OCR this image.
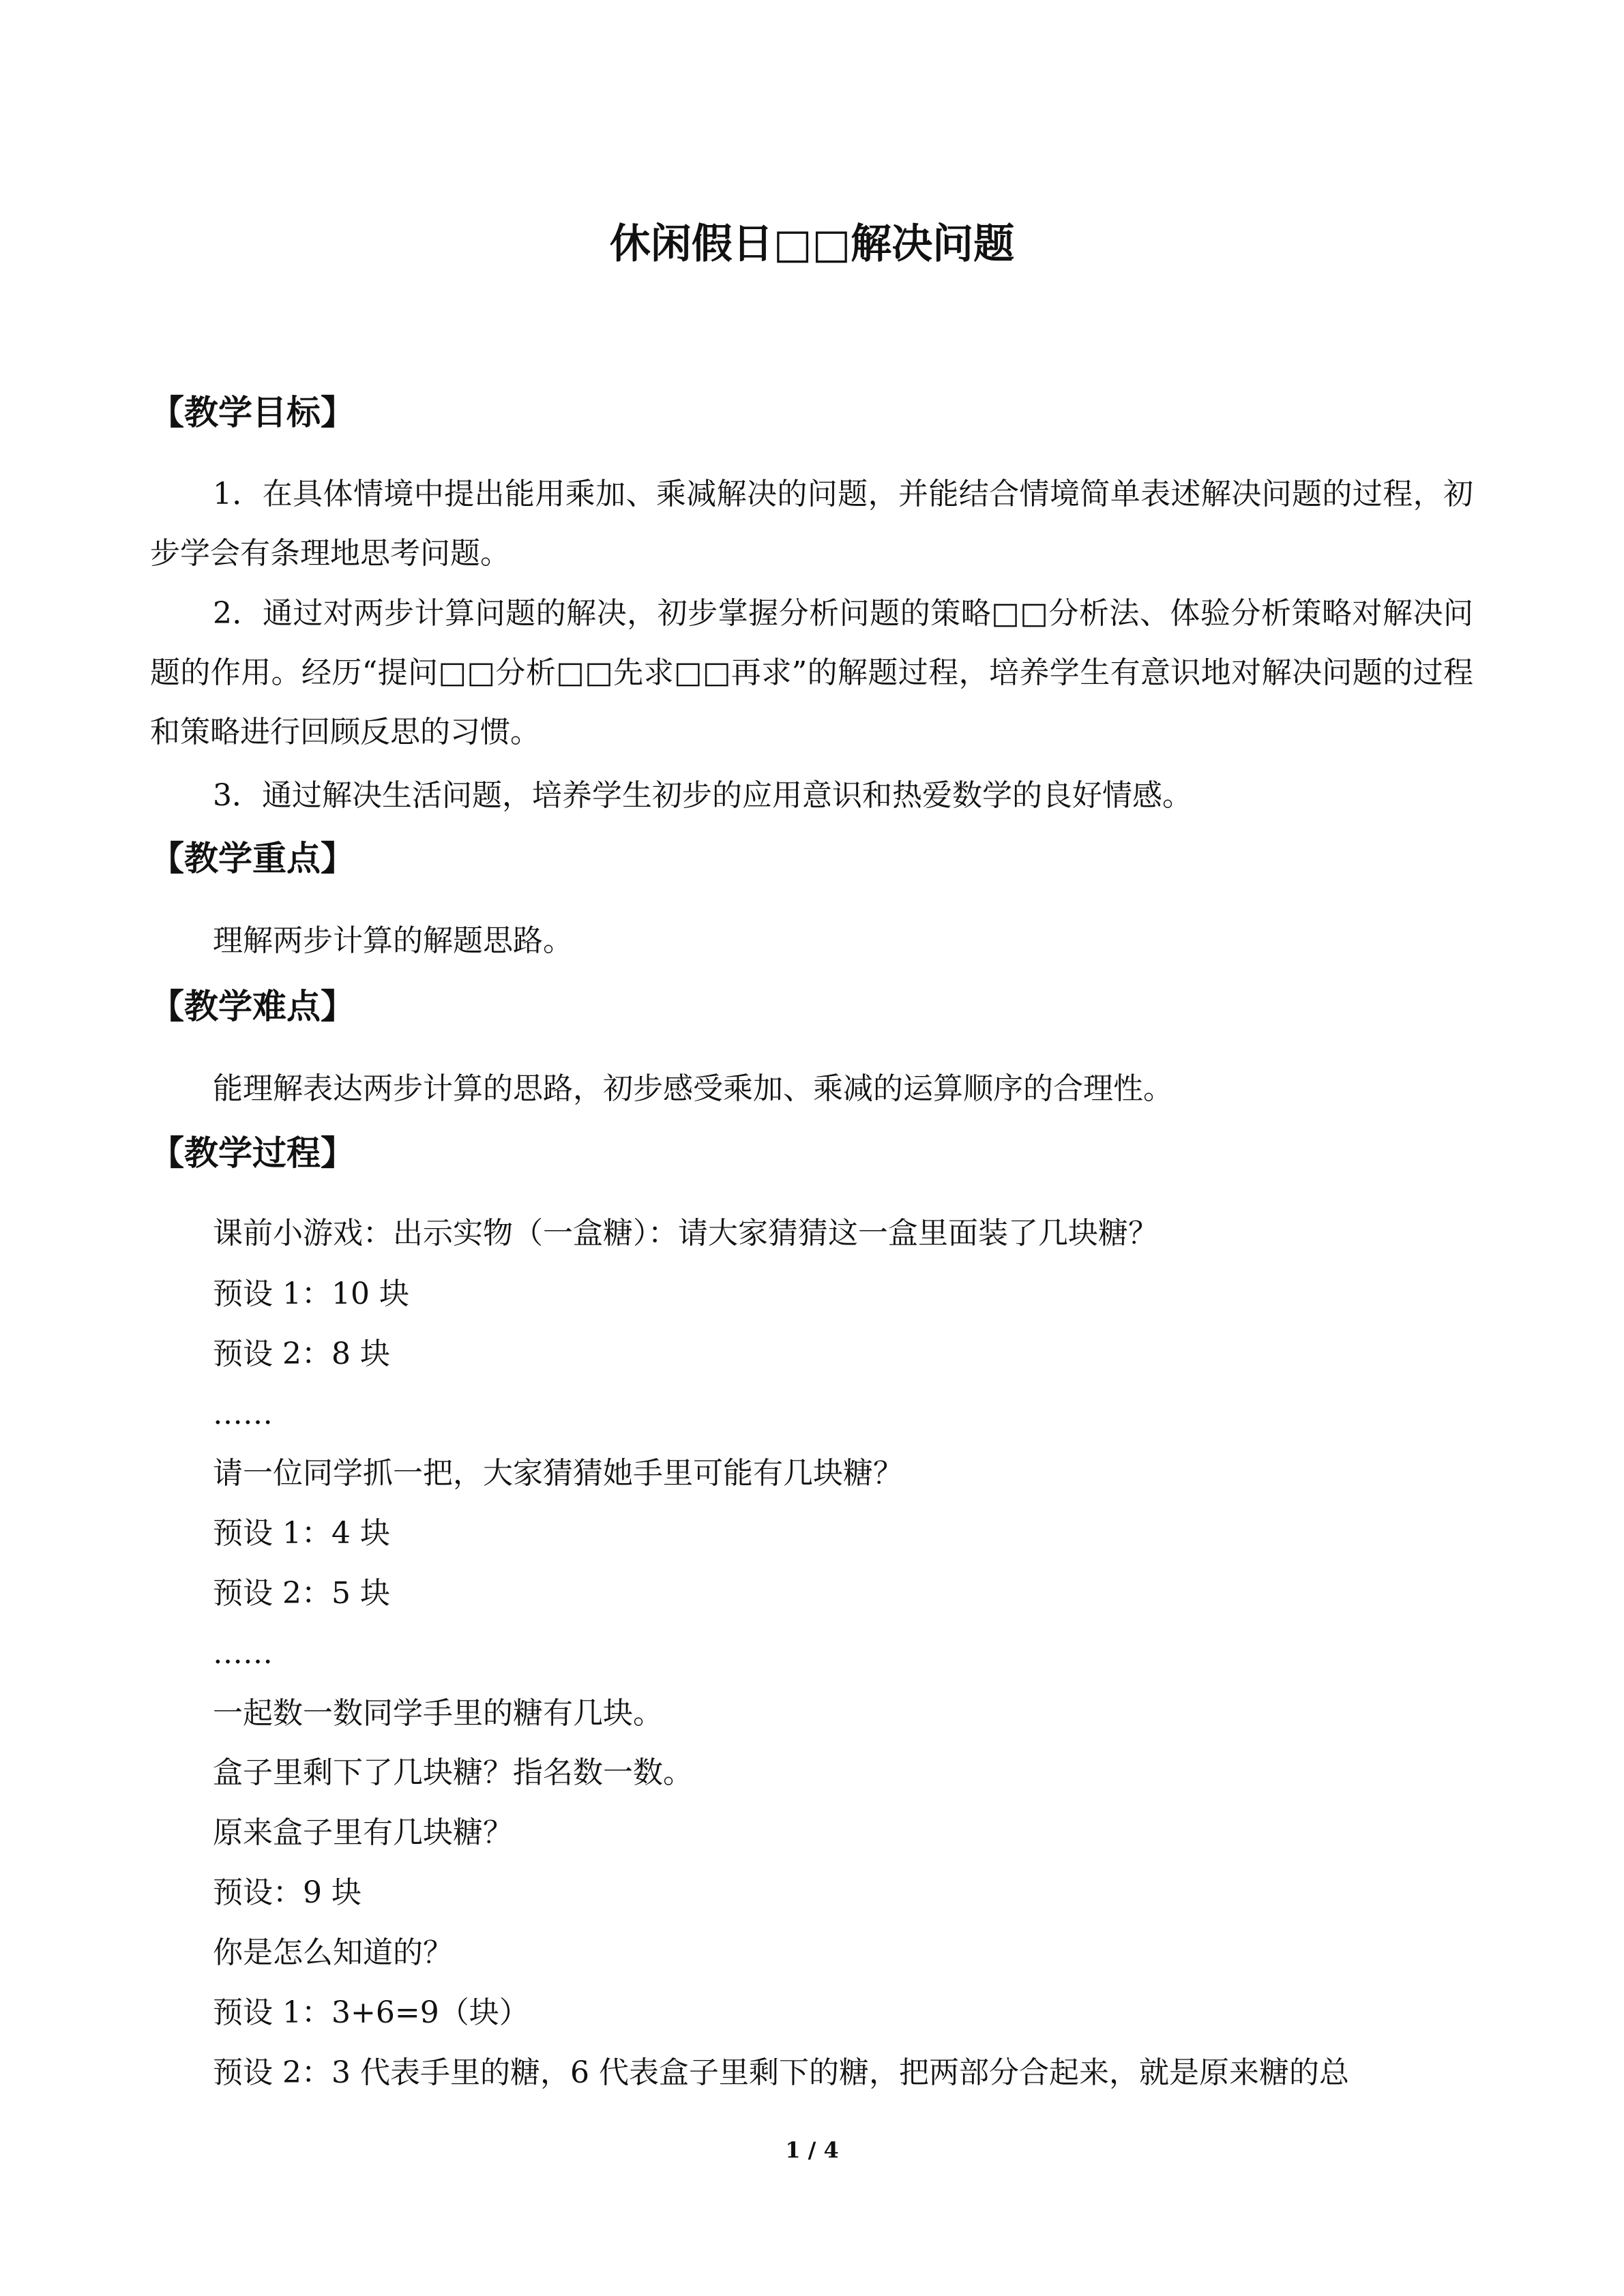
休闲假日□□解决问题
【教学目标】

1．在具体情境中提出能用乘加、乘减解决的问题，并能结合情境简单表述解决问题的过程，初步学会有条理地思考问题。

2．通过对两步计算问题的解决，初步掌握分析问题的策略□□分析法、体验分析策略对解决问题的作用。经历“提问□□分析□□先求□□再求”的解题过程，培养学生有意识地对解决问题的过程和策略进行回顾反思的习惯。

3．通过解决生活问题，培养学生初步的应用意识和热爱数学的良好情感。

【教学重点】

理解两步计算的解题思路。

【教学难点】

能理解表达两步计算的思路，初步感受乘加、乘减的运算顺序的合理性。

【教学过程】

课前小游戏：出示实物（一盒糖）：请大家猜猜这一盒里面装了几块糖？

预设 1：10 块

预设 2：8 块

……

请一位同学抓一把，大家猜猜她手里可能有几块糖？

预设 1：4 块

预设 2：5 块

……

一起数一数同学手里的糖有几块。

盒子里剩下了几块糖？指名数一数。

原来盒子里有几块糖？

预设：9 块

你是怎么知道的？

预设 1：3+6=9（块）

预设 2：3 代表手里的糖，6 代表盒子里剩下的糖，把两部分合起来，就是原来糖的总

1 / 4
